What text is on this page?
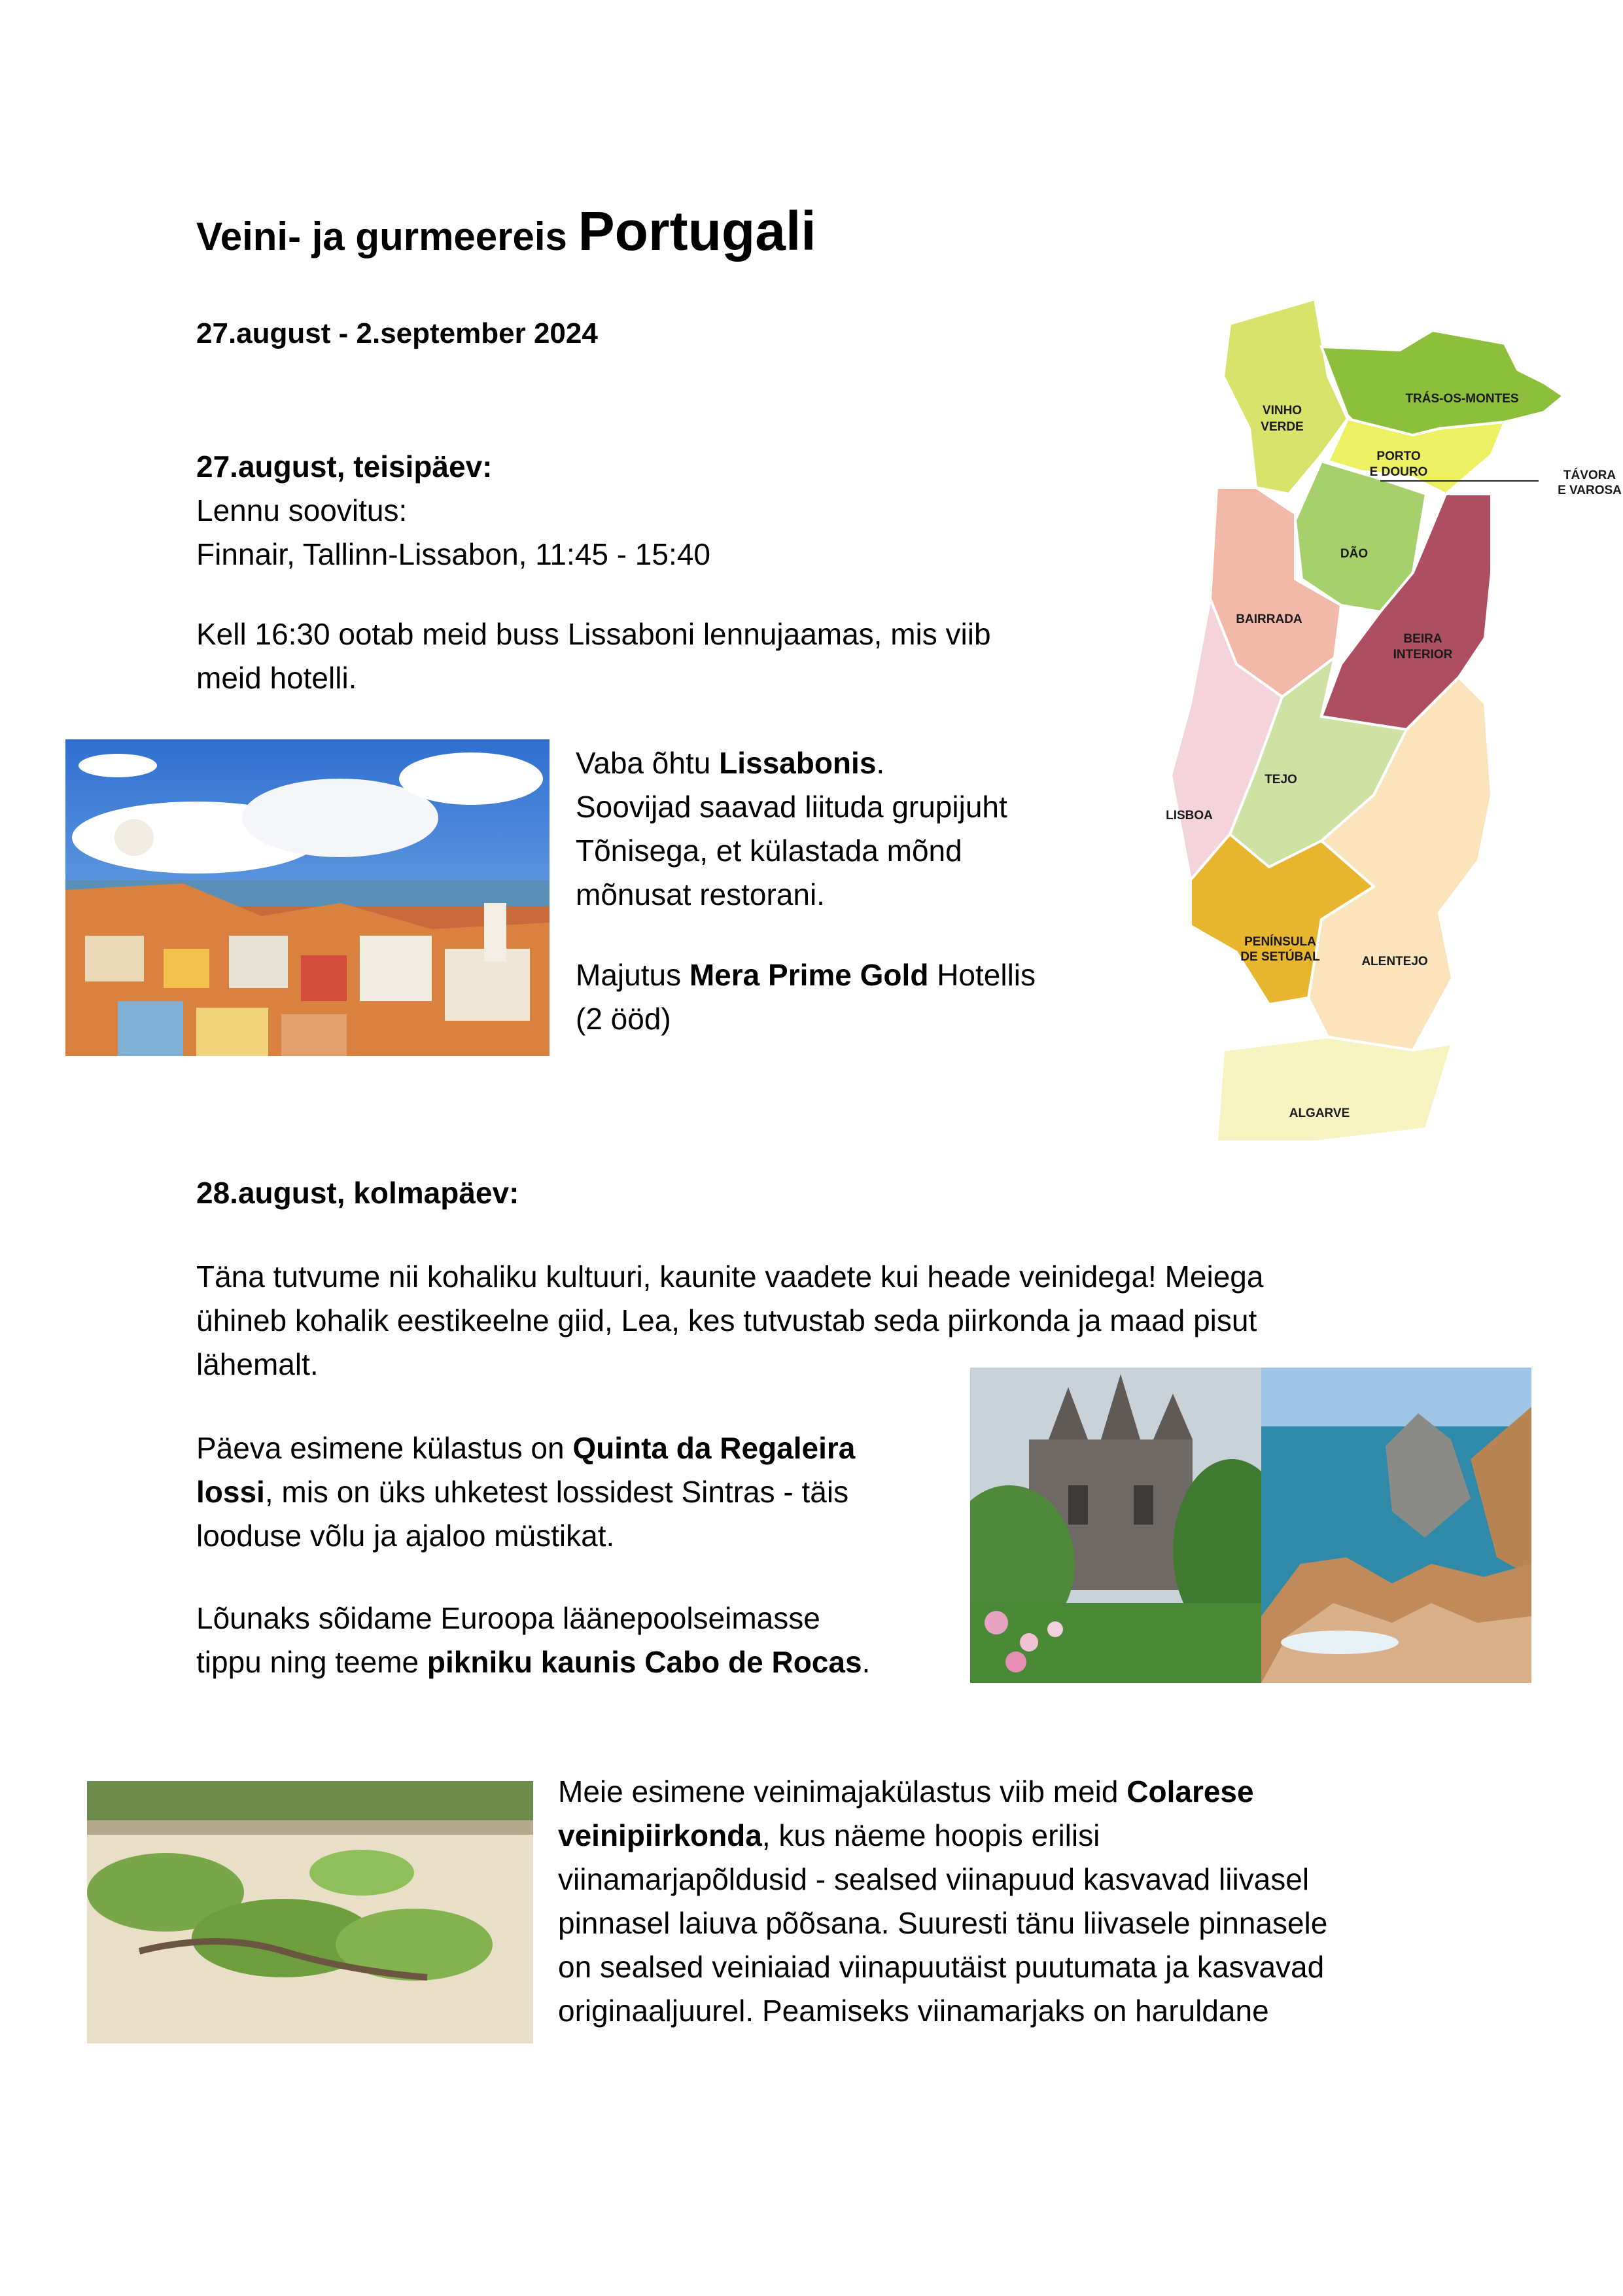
Veini- ja gurmeereis Portugali
27.august - 2.september 2024
27.august, teisipäev:
Lennu soovitus:
Finnair, Tallinn-Lissabon, 11:45 - 15:40
Kell 16:30 ootab meid buss Lissaboni lennujaamas, mis viib
meid hotelli.
Vaba õhtu Lissabonis.
Soovijad saavad liituda grupijuht
Tõnisega, et külastada mõnd
mõnusat restorani.
Majutus Mera Prime Gold Hotellis
(2 ööd)
VINHO
VERDE
TRÁS-OS-MONTES
PORTO
E DOURO	TÁVORA
E VAROSA
DÃO
BAIRRADA
BEIRA
INTERIOR
TEJO
LISBOA
PENÍNSULA
DE SETÚBAL	ALENTEJO
ALGARVE
28.august, kolmapäev:
Täna tutvume nii kohaliku kultuuri, kaunite vaadete kui heade veinidega! Meiega
ühineb kohalik eestikeelne giid, Lea, kes tutvustab seda piirkonda ja maad pisut
lähemalt.
Päeva esimene külastus on Quinta da Regaleira
lossi, mis on üks uhketest lossidest Sintras - täis
looduse võlu ja ajaloo müstikat.
Lõunaks sõidame Euroopa läänepoolseimasse
tippu ning teeme pikniku kaunis Cabo de Rocas.
Meie esimene veinimajakülastus viib meid Colarese
veinipiirkonda, kus näeme hoopis erilisi
viinamarjapõldusid - sealsed viinapuud kasvavad liivasel
pinnasel laiuva põõsana. Suuresti tänu liivasele pinnasele
on sealsed veiniaiad viinapuutäist puutumata ja kasvavad
originaaljuurel. Peamiseks viinamarjaks on haruldane
